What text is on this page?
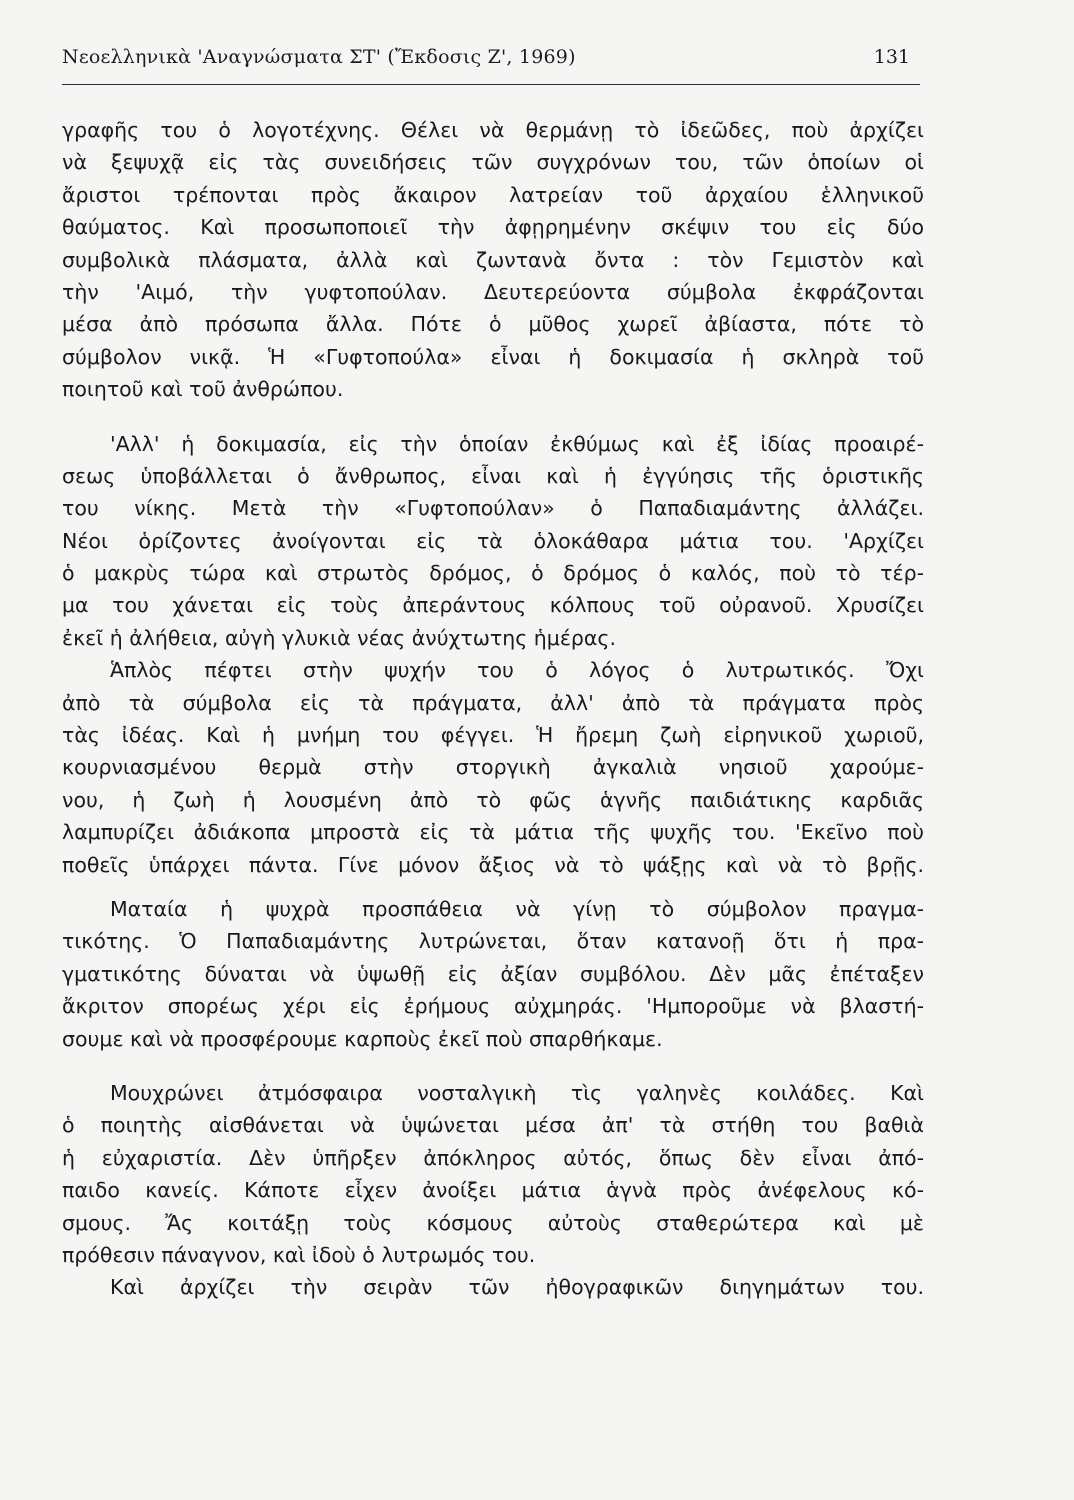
Νεοελληνικὰ 'Αναγνώσματα ΣΤ' (Ἔκδοσις Ζ', 1969)	131
γραφῆς του ὁ λογοτέχνης. Θέλει νὰ θερμάνῃ τὸ ἰδεῶδες, ποὺ ἀρχίζει
νὰ ξεψυχᾷ εἰς τὰς συνειδήσεις τῶν συγχρόνων του, τῶν ὁποίων οἱ
ἄριστοι τρέπονται πρὸς ἄκαιρον λατρείαν τοῦ ἀρχαίου ἑλληνικοῦ
θαύματος. Καὶ προσωποποιεῖ τὴν ἀφῃρημένην σκέψιν του εἰς δύο
συμβολικὰ πλάσματα, ἀλλὰ καὶ ζωντανὰ ὄντα : τὸν Γεμιστὸν καὶ
τὴν 'Αιμό, τὴν γυφτοπούλαν. Δευτερεύοντα σύμβολα ἐκφράζονται
μέσα ἀπὸ πρόσωπα ἄλλα. Πότε ὁ μῦθος χωρεῖ ἀβίαστα, πότε τὸ
σύμβολον νικᾷ. Ἡ «Γυφτοπούλα» εἶναι ἡ δοκιμασία ἡ σκληρὰ τοῦ
ποιητοῦ καὶ τοῦ ἀνθρώπου.
'Αλλ' ἡ δοκιμασία, εἰς τὴν ὁποίαν ἐκθύμως καὶ ἐξ ἰδίας προαιρέ-
σεως ὑποβάλλεται ὁ ἄνθρωπος, εἶναι καὶ ἡ ἐγγύησις τῆς ὁριστικῆς
του νίκης. Μετὰ τὴν «Γυφτοπούλαν» ὁ Παπαδιαμάντης ἀλλάζει.
Νέοι ὁρίζοντες ἀνοίγονται εἰς τὰ ὁλοκάθαρα μάτια του. 'Αρχίζει
ὁ μακρὺς τώρα καὶ στρωτὸς δρόμος, ὁ δρόμος ὁ καλός, ποὺ τὸ τέρ-
μα του χάνεται εἰς τοὺς ἀπεράντους κόλπους τοῦ οὐρανοῦ. Χρυσίζει
ἐκεῖ ἡ ἀλήθεια, αὐγὴ γλυκιὰ νέας ἀνύχτωτης ἡμέρας.
Ἁπλὸς πέφτει στὴν ψυχήν του ὁ λόγος ὁ λυτρωτικός. Ὄχι
ἀπὸ τὰ σύμβολα εἰς τὰ πράγματα, ἀλλ' ἀπὸ τὰ πράγματα πρὸς
τὰς ἰδέας. Καὶ ἡ μνήμη του φέγγει. Ἡ ἤρεμη ζωὴ εἰρηνικοῦ χωριοῦ,
κουρνιασμένου θερμὰ στὴν στοργικὴ ἀγκαλιὰ νησιοῦ χαρούμε-
νου, ἡ ζωὴ ἡ λουσμένη ἀπὸ τὸ φῶς ἁγνῆς παιδιάτικης καρδιᾶς
λαμπυρίζει ἀδιάκοπα μπροστὰ εἰς τὰ μάτια τῆς ψυχῆς του. 'Εκεῖνο ποὺ
ποθεῖς ὑπάρχει πάντα. Γίνε μόνον ἄξιος νὰ τὸ ψάξῃς καὶ νὰ τὸ βρῇς.
Ματαία ἡ ψυχρὰ προσπάθεια νὰ γίνῃ τὸ σύμβολον πραγμα-
τικότης. Ὁ Παπαδιαμάντης λυτρώνεται, ὅταν κατανοῇ ὅτι ἡ πρα-
γματικότης δύναται νὰ ὑψωθῇ εἰς ἀξίαν συμβόλου. Δὲν μᾶς ἐπέταξεν
ἄκριτον σπορέως χέρι εἰς ἐρήμους αὐχμηράς. 'Ημποροῦμε νὰ βλαστή-
σουμε καὶ νὰ προσφέρουμε καρποὺς ἐκεῖ ποὺ σπαρθήκαμε.
Μουχρώνει ἀτμόσφαιρα νοσταλγικὴ τὶς γαληνὲς κοιλάδες. Καὶ
ὁ ποιητὴς αἰσθάνεται νὰ ὑψώνεται μέσα ἀπ' τὰ στήθη του βαθιὰ
ἡ εὐχαριστία. Δὲν ὑπῆρξεν ἀπόκληρος αὐτός, ὅπως δὲν εἶναι ἀπό-
παιδο κανείς. Κάποτε εἶχεν ἀνοίξει μάτια ἁγνὰ πρὸς ἀνέφελους κό-
σμους. Ἄς κοιτάξῃ τοὺς κόσμους αὐτοὺς σταθερώτερα καὶ μὲ
πρόθεσιν πάναγνον, καὶ ἰδοὺ ὁ λυτρωμός του.
Καὶ ἀρχίζει τὴν σειρὰν τῶν ἠθογραφικῶν διηγημάτων του.
